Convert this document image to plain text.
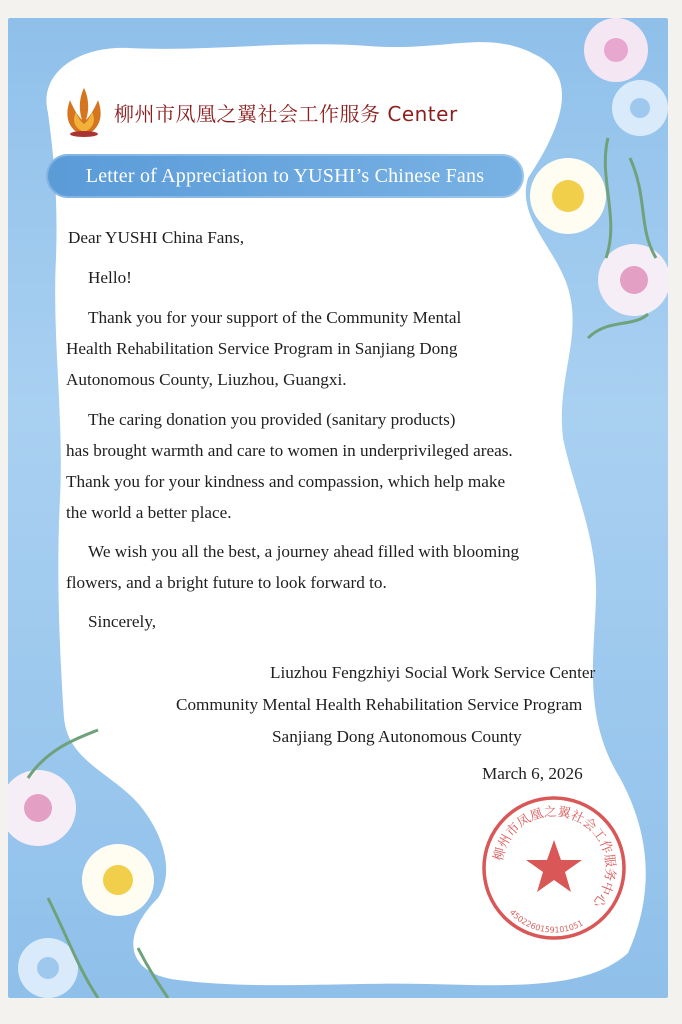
柳州市凤凰之翼社会工作服务 Center
Letter of Appreciation to YUSHI’s Chinese Fans
Dear YUSHI China Fans,
Hello!
Thank you for your support of the Community Mental
Health Rehabilitation Service Program in Sanjiang Dong
Autonomous County, Liuzhou, Guangxi.
The caring donation you provided (sanitary products)
has brought warmth and care to women in underprivileged areas.
Thank you for your kindness and compassion, which help make
the world a better place.
We wish you all the best, a journey ahead filled with blooming
flowers, and a bright future to look forward to.
Sincerely,
Liuzhou Fengzhiyi Social Work Service Center
Community Mental Health Rehabilitation Service Program
Sanjiang Dong Autonomous County
March 6, 2026
柳州市凤凰之翼社会工作服务中心
4502260159101051
